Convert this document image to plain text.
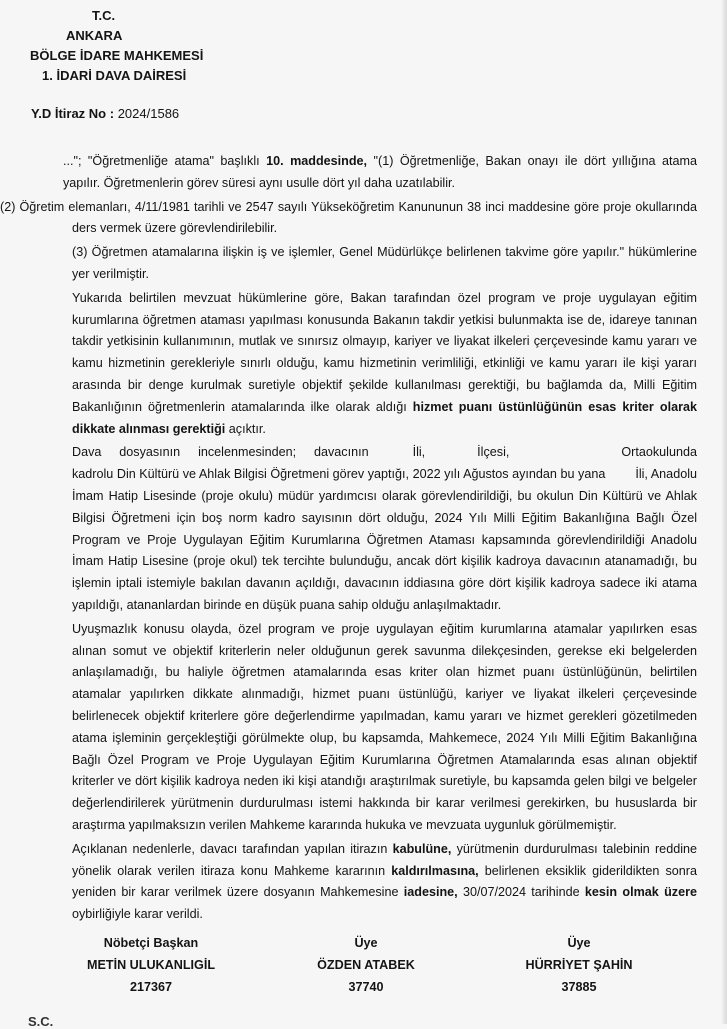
T.C.
ANKARA
BÖLGE İDARE MAHKEMESİ
1. İDARİ DAVA DAİRESİ
Y.D İtiraz No : 2024/1586

..."; "Öğretmenliğe atama" başlıklı 10. maddesinde, "(1) Öğretmenliğe, Bakan onayı ile dört yıllığına atama yapılır. Öğretmenlerin görev süresi aynı usulle dört yıl daha uzatılabilir.

(2) Öğretim elemanları, 4/11/1981 tarihli ve 2547 sayılı Yükseköğretim Kanununun 38 inci maddesine göre proje okullarında ders vermek üzere görevlendirilebilir.

(3) Öğretmen atamalarına ilişkin iş ve işlemler, Genel Müdürlükçe belirlenen takvime göre yapılır." hükümlerine yer verilmiştir.

Yukarıda belirtilen mevzuat hükümlerine göre, Bakan tarafından özel program ve proje uygulayan eğitim kurumlarına öğretmen ataması yapılması konusunda Bakanın takdir yetkisi bulunmakta ise de, idareye tanınan takdir yetkisinin kullanımının, mutlak ve sınırsız olmayıp, kariyer ve liyakat ilkeleri çerçevesinde kamu yararı ve kamu hizmetinin gerekleriyle sınırlı olduğu, kamu hizmetinin verimliliği, etkinliği ve kamu yararı ile kişi yararı arasında bir denge kurulmak suretiyle objektif şekilde kullanılması gerektiği, bu bağlamda da, Milli Eğitim Bakanlığının öğretmenlerin atamalarında ilke olarak aldığı hizmet puanı üstünlüğünün esas kriter olarak dikkate alınması gerektiği açıktır.

Dava dosyasının incelenmesinden; davacının	İli,	İlçesi,	Ortaokulunda kadrolu Din Kültürü ve Ahlak Bilgisi Öğretmeni görev yaptığı, 2022 yılı Ağustos ayından bu yana İli, Anadolu İmam Hatip Lisesinde (proje okulu) müdür yardımcısı olarak görevlendirildiği, bu okulun Din Kültürü ve Ahlak Bilgisi Öğretmeni için boş norm kadro sayısının dört olduğu, 2024 Yılı Milli Eğitim Bakanlığına Bağlı Özel Program ve Proje Uygulayan Eğitim Kurumlarına Öğretmen Ataması kapsamında görevlendirildiği Anadolu İmam Hatip Lisesine (proje okul) tek tercihte bulunduğu, ancak dört kişilik kadroya davacının atanamadığı, bu işlemin iptali istemiyle bakılan davanın açıldığı, davacının iddiasına göre dört kişilik kadroya sadece iki atama yapıldığı, atananlardan birinde en düşük puana sahip olduğu anlaşılmaktadır.

Uyuşmazlık konusu olayda, özel program ve proje uygulayan eğitim kurumlarına atamalar yapılırken esas alınan somut ve objektif kriterlerin neler olduğunun gerek savunma dilekçesinden, gerekse eki belgelerden anlaşılamadığı, bu haliyle öğretmen atamalarında esas kriter olan hizmet puanı üstünlüğünün, belirtilen atamalar yapılırken dikkate alınmadığı, hizmet puanı üstünlüğü, kariyer ve liyakat ilkeleri çerçevesinde belirlenecek objektif kriterlere göre değerlendirme yapılmadan, kamu yararı ve hizmet gerekleri gözetilmeden atama işleminin gerçekleştiği görülmekte olup, bu kapsamda, Mahkemece, 2024 Yılı Milli Eğitim Bakanlığına Bağlı Özel Program ve Proje Uygulayan Eğitim Kurumlarına Öğretmen Atamalarında esas alınan objektif kriterler ve dört kişilik kadroya neden iki kişi atandığı araştırılmak suretiyle, bu kapsamda gelen bilgi ve belgeler değerlendirilerek yürütmenin durdurulması istemi hakkında bir karar verilmesi gerekirken, bu hususlarda bir araştırma yapılmaksızın verilen Mahkeme kararında hukuka ve mevzuata uygunluk görülmemiştir.

Açıklanan nedenlerle, davacı tarafından yapılan itirazın kabulüne, yürütmenin durdurulması talebinin reddine yönelik olarak verilen itiraza konu Mahkeme kararının kaldırılmasına, belirlenen eksiklik giderildikten sonra yeniden bir karar verilmek üzere dosyanın Mahkemesine iadesine, 30/07/2024 tarihinde kesin olmak üzere oybirliğiyle karar verildi.

Nöbetçi Başkan
METİN ULUKANLIGİL
217367
Üye
ÖZDEN ATABEK
37740
Üye
HÜRRİYET ŞAHİN
37885
S.C.
